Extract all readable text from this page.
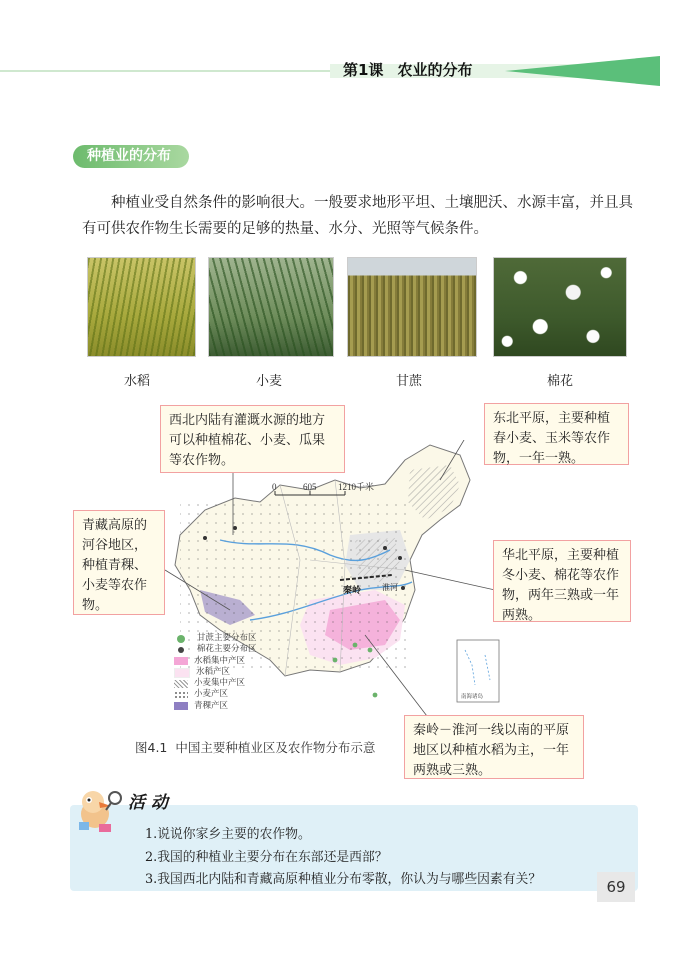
第1课 农业的分布
种植业的分布
种植业受自然条件的影响很大。一般要求地形平坦、土壤肥沃、水源丰富，并且具有可供农作物生长需要的足够的热量、水分、光照等气候条件。
水稻	小麦	甘蔗	棉花
0	605 1210千米
秦岭	淮河
南海诸岛
西北内陆有灌溉水源的地方可以种植棉花、小麦、瓜果等农作物。
东北平原，主要种植春小麦、玉米等农作物，一年一熟。
青藏高原的河谷地区，种植青稞、小麦等农作物。
华北平原，主要种植冬小麦、棉花等农作物，两年三熟或一年两熟。
秦岭－淮河一线以南的平原地区以种植水稻为主，一年两熟或三熟。
甘蔗主要分布区
棉花主要分布区
水稻集中产区
水稻产区
小麦集中产区
小麦产区
青稞产区
图4.1 中国主要种植业区及农作物分布示意
活 动
1.说说你家乡主要的农作物。
2.我国的种植业主要分布在东部还是西部？
3.我国西北内陆和青藏高原种植业分布零散，你认为与哪些因素有关？	69
